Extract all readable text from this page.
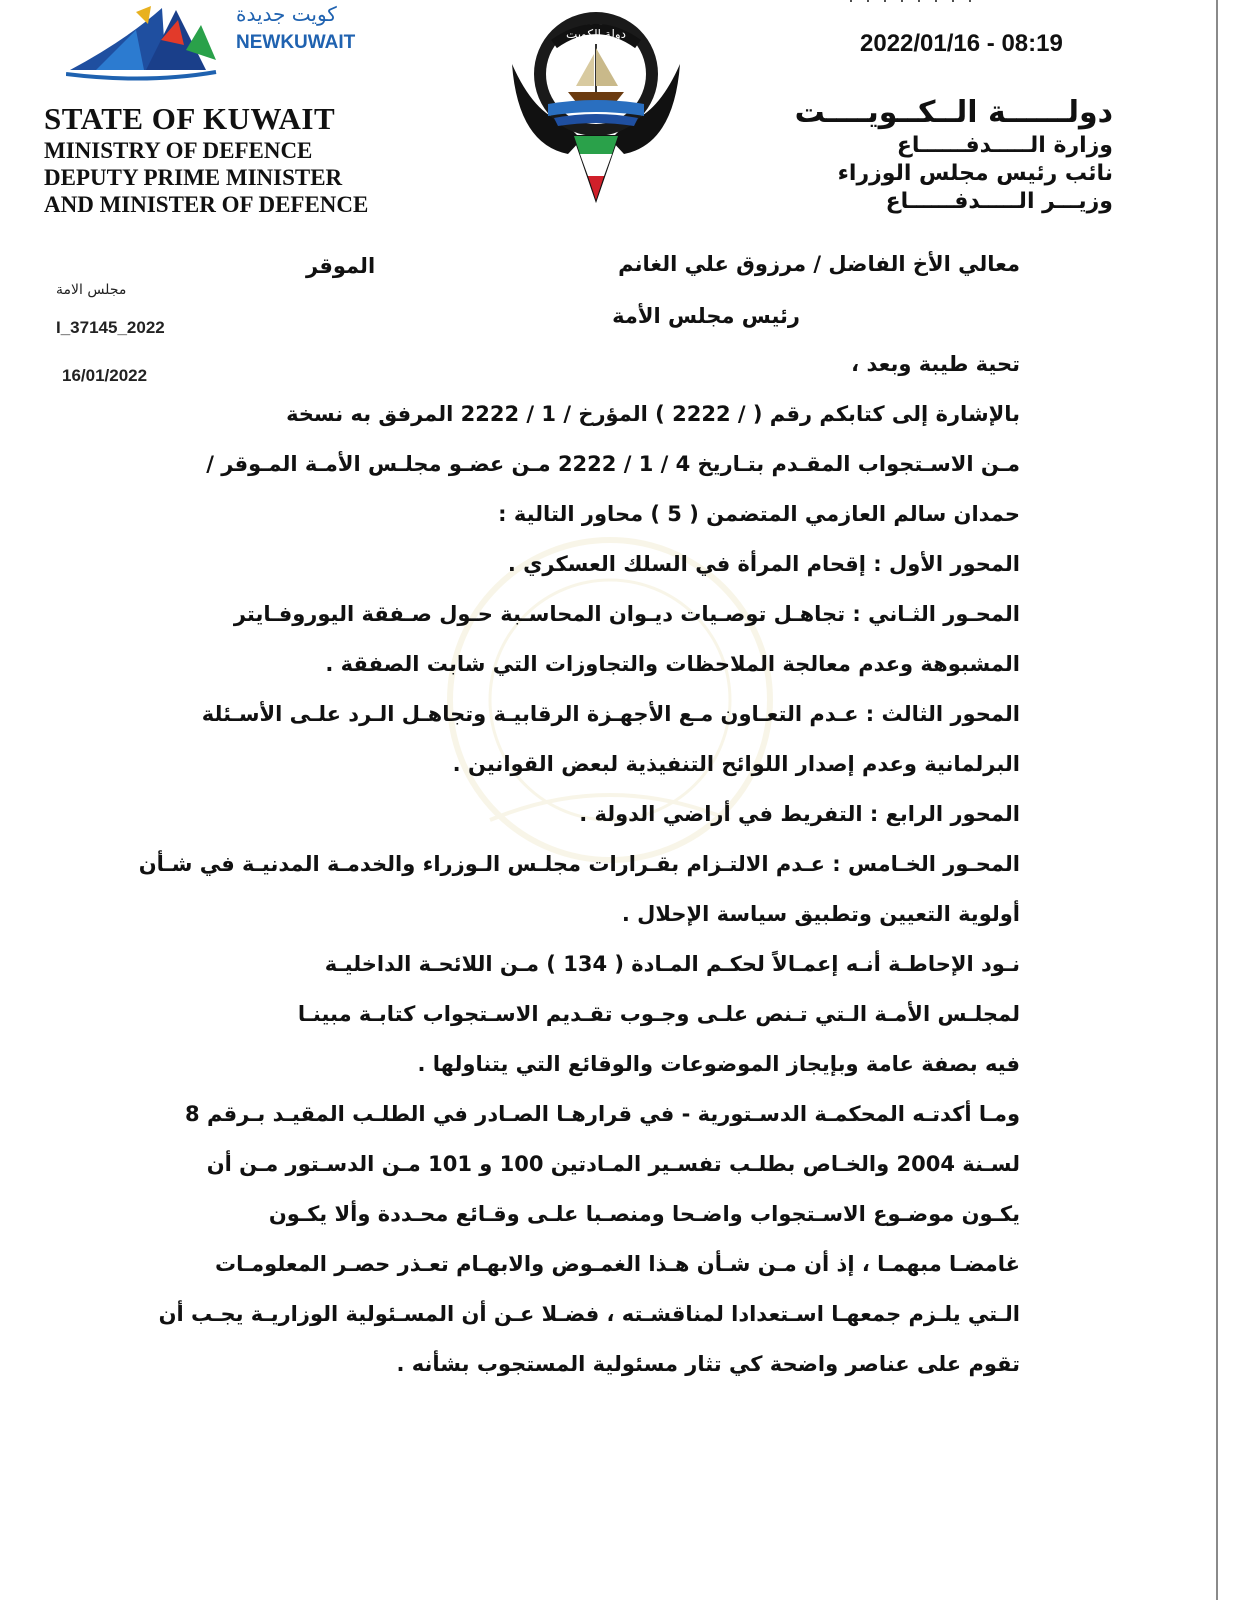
كويت جديدة
NEWKUWAIT
STATE OF KUWAIT
MINISTRY OF DEFENCE
DEPUTY PRIME MINISTER
AND MINISTER OF DEFENCE
دولة الكويت
· · · · · · · ·
2022/01/16 - 08:19
دولــــــة الــكــويــــت
وزارة الـــــدفــــــاع
نائب رئيس مجلس الوزراء
وزيـــر الـــــدفــــــاع
مجلس الامة
I_37145_2022
16/01/2022
الموقر	معالي الأخ الفاضل / مرزوق علي الغانم
رئيس مجلس الأمة
تحية طيبة وبعد ،
بالإشارة إلى كتابكم رقم ( / 2222 ) المؤرخ / 1 / 2222 المرفق به نسخة
مـن الاسـتجواب المقـدم بتـاريخ 4 / 1 / 2222 مـن عضـو مجلـس الأمـة المـوقر /
حمدان سالم العازمي المتضمن ( 5 ) محاور التالية :
المحور الأول : إقحام المرأة في السلك العسكري .
المحـور الثـاني : تجاهـل توصـيات ديـوان المحاسـبة حـول صـفقة اليوروفـايتر
المشبوهة وعدم معالجة الملاحظات والتجاوزات التي شابت الصفقة .
المحور الثالث : عـدم التعـاون مـع الأجهـزة الرقابيـة وتجاهـل الـرد علـى الأسـئلة
البرلمانية وعدم إصدار اللوائح التنفيذية لبعض القوانين .
المحور الرابع : التفريط في أراضي الدولة .
المحـور الخـامس : عـدم الالتـزام بقـرارات مجلـس الـوزراء والخدمـة المدنيـة في شـأن
أولوية التعيين وتطبيق سياسة الإحلال .
نـود الإحاطـة أنـه إعمـالاً لحكـم المـادة ( 134 ) مـن اللائحـة الداخليـة
لمجلـس الأمـة الـتي تـنص علـى وجـوب تقـديم الاسـتجواب كتابـة مبينـا
فيه بصفة عامة وبإيجاز الموضوعات والوقائع التي يتناولها .
ومـا أكدتـه المحكمـة الدسـتورية - في قرارهـا الصـادر في الطلـب المقيـد بـرقم 8
لسـنة 2004 والخـاص بطلـب تفسـير المـادتين 100 و 101 مـن الدسـتور مـن أن
يكـون موضـوع الاسـتجواب واضـحا ومنصـبا علـى وقـائع محـددة وألا يكـون
غامضـا مبهمـا ، إذ أن مـن شـأن هـذا الغمـوض والابهـام تعـذر حصـر المعلومـات
الـتي يلـزم جمعهـا اسـتعدادا لمناقشـته ، فضـلا عـن أن المسـئولية الوزاريـة يجـب أن
تقوم على عناصر واضحة كي تثار مسئولية المستجوب بشأنه .
